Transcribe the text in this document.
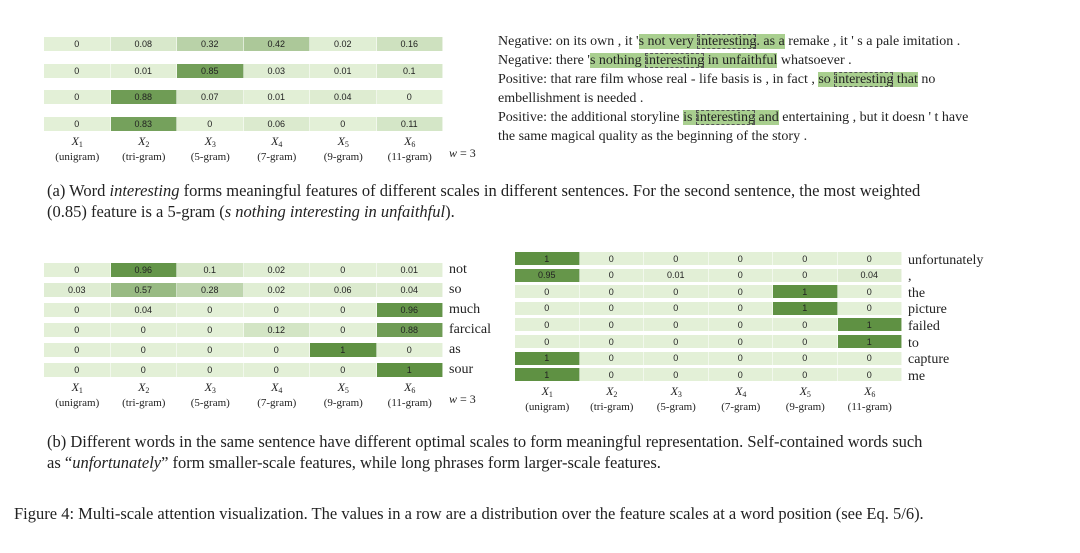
0	0.08	0.32	0.42	0.02	0.16
0	0.01	0.85	0.03	0.01	0.1
0	0.88	0.07	0.01	0.04	0
0	0.83	0	0.06	0	0.11
$X_1$
(unigram)
$X_2$
(tri-gram)
$X_3$
(5-gram)
$X_4$
(7-gram)
$X_5$
(9-gram)
$X_6$
(11-gram)	w = 3
Negative: on its own , it 's not very interesting. as a remake , it ' s a pale imitation .
Negative: there 's nothing interesting in unfaithful whatsoever .
Positive: that rare film whose real - life basis is , in fact , so interesting that no
embellishment is needed .
Positive: the additional storyline is interesting and entertaining , but it doesn ' t have
the same magical quality as the beginning of the story .
(a) Word interesting forms meaningful features of different scales in different sentences. For the second sentence, the most weighted
(0.85) feature is a 5-gram (s nothing interesting in unfaithful).
0	0.96	0.1	0.02	0	0.01	not
0.03	0.57	0.28	0.02	0.06	0.04	so
0	0.04	0	0	0	0.96	much
0	0	0	0.12	0	0.88	farcical
0	0	0	0	1	0	as
0	0	0	0	0	1	sour
$X_1$
(unigram)
$X_2$
(tri-gram)
$X_3$
(5-gram)
$X_4$
(7-gram)
$X_5$
(9-gram)
$X_6$
(11-gram)	w = 3
1	0	0	0	0	0	unfortunately
0.95	0	0.01	0	0	0.04	,
0	0	0	0	1	0	the
0	0	0	0	1	0	picture
0	0	0	0	0	1	failed
0	0	0	0	0	1	to
1	0	0	0	0	0	capture
1	0	0	0	0	0	me
$X_1$
(unigram)
$X_2$
(tri-gram)
$X_3$
(5-gram)
$X_4$
(7-gram)
$X_5$
(9-gram)
$X_6$
(11-gram)
(b) Different words in the same sentence have different optimal scales to form meaningful representation. Self-contained words such
as “unfortunately” form smaller-scale features, while long phrases form larger-scale features.
Figure 4: Multi-scale attention visualization. The values in a row are a distribution over the feature scales at a word position (see Eq. 5/6).
